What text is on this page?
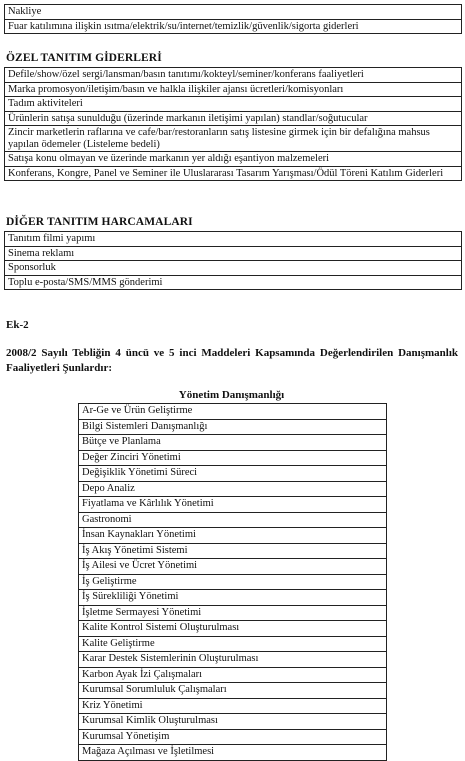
Nakliye
Fuar katılımına ilişkin ısıtma/elektrik/su/internet/temizlik/güvenlik/sigorta giderleri
ÖZEL TANITIM GİDERLERİ
Defile/show/özel sergi/lansman/basın tanıtımı/kokteyl/seminer/konferans faaliyetleri
Marka promosyon/iletişim/basın ve halkla ilişkiler ajansı ücretleri/komisyonları
Tadım aktiviteleri
Ürünlerin satışa sunulduğu (üzerinde markanın iletişimi yapılan) standlar/soğutucular
Zincir marketlerin raflarına ve cafe/bar/restoranların satış listesine girmek için bir defalığına mahsus yapılan ödemeler (Listeleme bedeli)
Satışa konu olmayan ve üzerinde markanın yer aldığı eşantiyon malzemeleri
Konferans, Kongre, Panel ve Seminer ile Uluslararası Tasarım Yarışması/Ödül Töreni Katılım Giderleri
DİĞER TANITIM HARCAMALARI
Tanıtım filmi yapımı
Sinema reklamı
Sponsorluk
Toplu e-posta/SMS/MMS gönderimi
Ek-2
2008/2 Sayılı Tebliğin 4 üncü ve 5 inci Maddeleri Kapsamında Değerlendirilen Danışmanlık Faaliyetleri Şunlardır:
Yönetim Danışmanlığı
Ar-Ge ve Ürün Geliştirme
Bilgi Sistemleri Danışmanlığı
Bütçe ve Planlama
Değer Zinciri Yönetimi
Değişiklik Yönetimi Süreci
Depo Analiz
Fiyatlama ve Kârlılık Yönetimi
Gastronomi
İnsan Kaynakları Yönetimi
İş Akış Yönetimi Sistemi
İş Ailesi ve Ücret Yönetimi
İş Geliştirme
İş Sürekliliği Yönetimi
İşletme Sermayesi Yönetimi
Kalite Kontrol Sistemi Oluşturulması
Kalite Geliştirme
Karar Destek Sistemlerinin Oluşturulması
Karbon Ayak İzi Çalışmaları
Kurumsal Sorumluluk Çalışmaları
Kriz Yönetimi
Kurumsal Kimlik Oluşturulması
Kurumsal Yönetişim
Mağaza Açılması ve İşletilmesi
